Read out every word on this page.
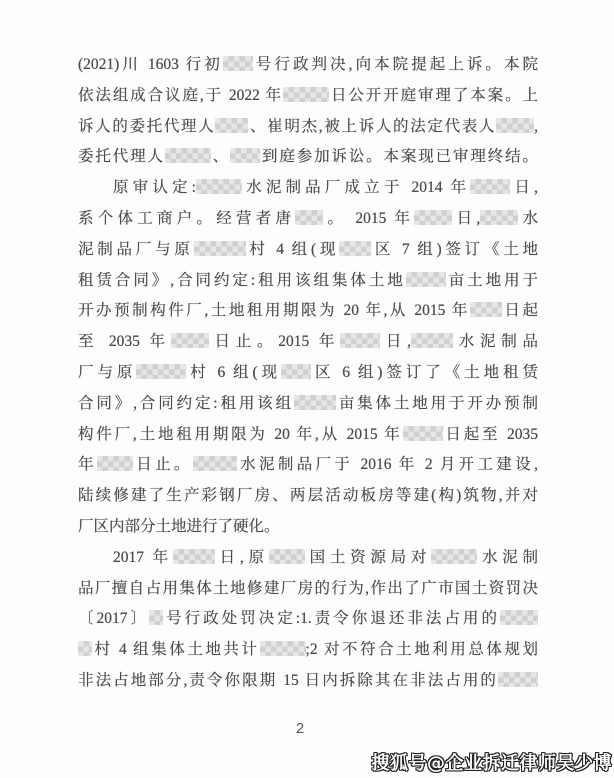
(2021)川 1603 行初 号行政判决,向本院提起上诉。本院
依法组成合议庭,于 2022 年	日公开开庭审理了本案。上
诉人的委托代理人 、崔明杰,被上诉人的法定代表人 ,
委托代理人	、 到庭参加诉讼。本案现已审理终结。
原审认定:	水泥制品厂成立于 2014 年	日,
系个体工商户。经营者唐 。 2015 年 日, 水
泥制品厂与原	村 4 组(现 区 7 组)签订《土地
租赁合同》,合同约定:租用该组集体土地	亩土地用于
开办预制构件厂,土地租用期限为 20 年,从 2015 年 日起
至 2035 年 日止。2015 年	日,	水泥制品
厂与原	村 6 组(现 区 6 组)签订了《土地租赁
合同》,合同约定:租用该组	亩集体土地用于开办预制
构件厂,土地租用期限为 20 年,从 2015 年	日起至 2035
年 日止。	水泥制品厂于 2016 年 2 月开工建设,
陆续修建了生产彩钢厂房、两层活动板房等建(构)筑物,并对
厂区内部分土地进行了硬化。
2017 年	日,原 国土资源局对	水泥制
品厂擅自占用集体土地修建厂房的行为,作出了广市国土资罚决
〔2017〕 号行政处罚决定:1.责令你退还非法占用的
村 4 组集体土地共计	;2 对不符合土地利用总体规划
非法占地部分,责令你限期 15 日内拆除其在非法占用的
2
搜狐号@企业拆迁律师吴少博
